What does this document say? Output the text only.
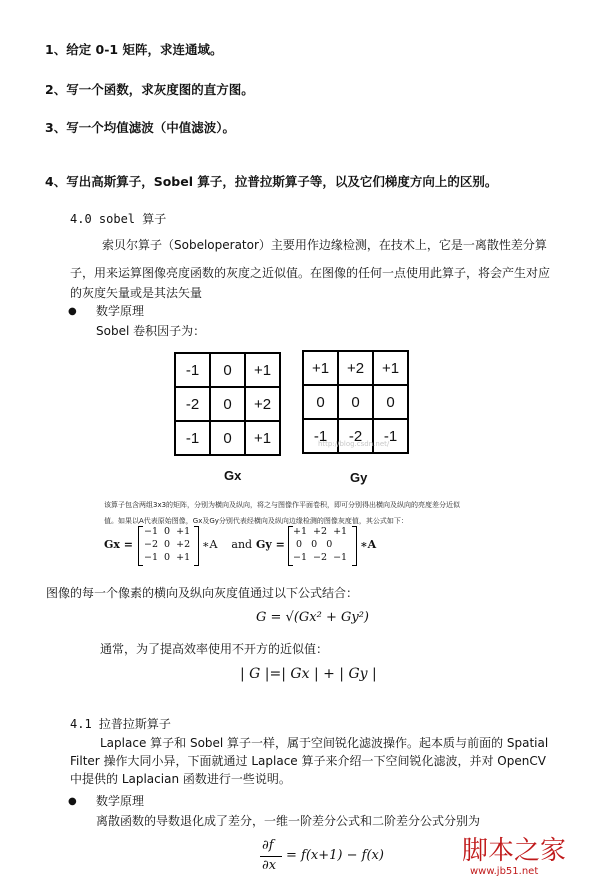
1、给定 0-1 矩阵，求连通域。
2、写一个函数，求灰度图的直方图。
3、写一个均值滤波（中值滤波）。
4、写出高斯算子，Sobel 算子，拉普拉斯算子等，以及它们梯度方向上的区别。
4.0 sobel 算子
索贝尔算子（Sobeloperator）主要用作边缘检测，在技术上，它是一离散性差分算
子，用来运算图像亮度函数的灰度之近似值。在图像的任何一点使用此算子，将会产生对应
的灰度矢量或是其法矢量
● 数学原理
Sobel 卷积因子为：
-1	0	+1
-2	0	+2
-1	0	+1
Gx
+1	+2	+1
0	0	0
-1	-2	-1
http://blog.csdn.net/
Gy
该算子包含两组3x3的矩阵，分别为横向及纵向，将之与图像作平面卷积，即可分别得出横向及纵向的亮度差分近似
值。如果以A代表原始图像，Gx及Gy分别代表经横向及纵向边缘检测的图像灰度值，其公式如下：
Gx =
−1  0  +1
−2  0  +2
−1  0  +1
∗A    and Gy =
+1  +2  +1
0   0   0
−1  −2  −1
∗A
图像的每一个像素的横向及纵向灰度值通过以下公式结合：
G = √(Gx² + Gy²)
通常，为了提高效率使用不开方的近似值：
| G |=| Gx | + | Gy |
4.1 拉普拉斯算子
Laplace 算子和 Sobel 算子一样，属于空间锐化滤波操作。起本质与前面的 Spatial
Filter 操作大同小异，下面就通过 Laplace 算子来介绍一下空间锐化滤波，并对 OpenCV
中提供的 Laplacian 函数进行一些说明。
● 数学原理
离散函数的导数退化成了差分，一维一阶差分公式和二阶差分公式分别为
∂f
∂x
= f(x+1) − f(x)	脚本之家
www.jb51.net
